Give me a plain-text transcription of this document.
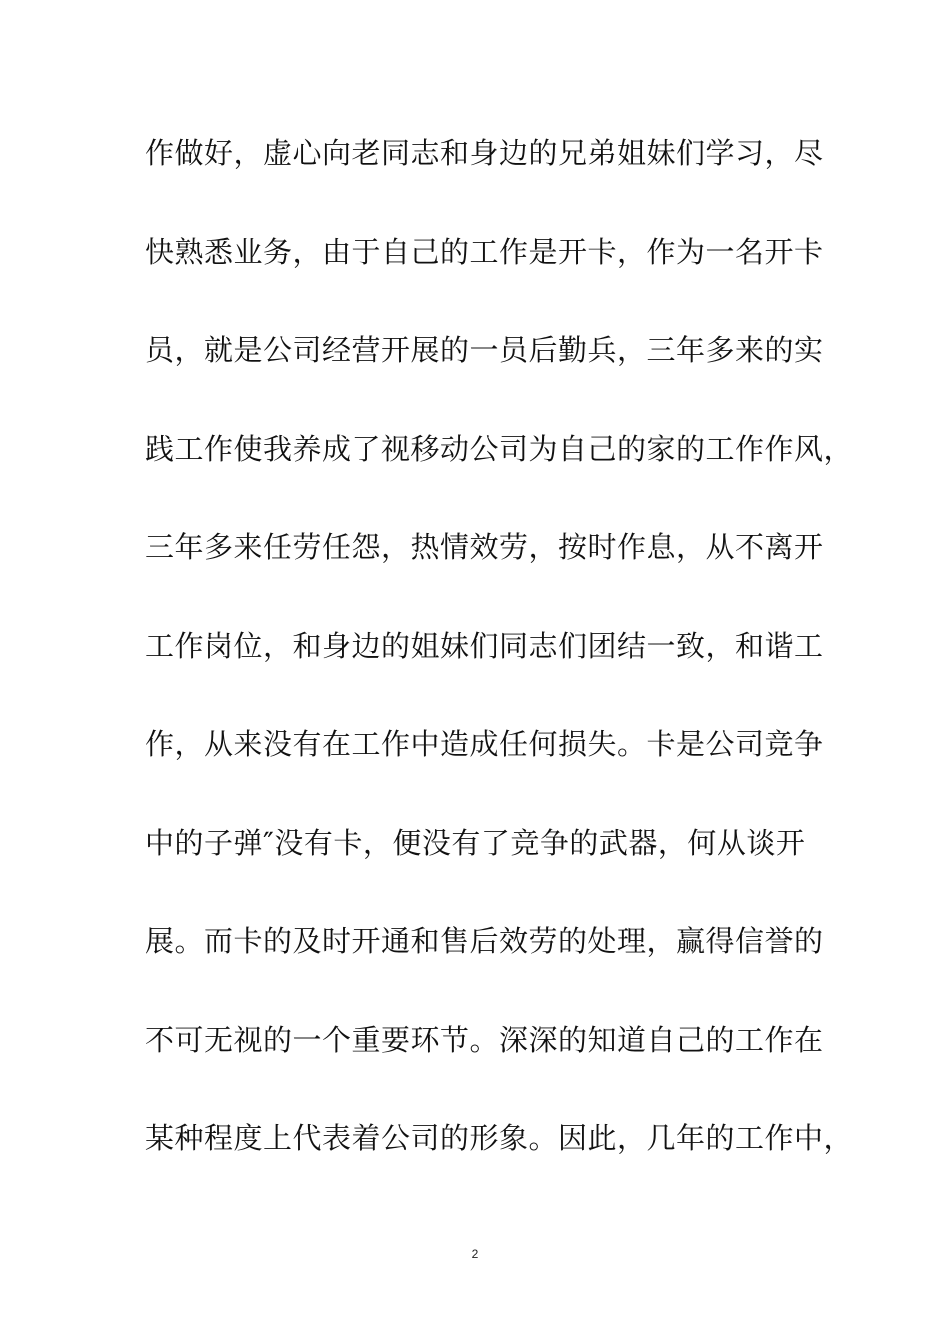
作做好，虚心向老同志和身边的兄弟姐妹们学习，尽

快熟悉业务，由于自己的工作是开卡，作为一名开卡

员，就是公司经营开展的一员后勤兵，三年多来的实

践工作使我养成了视移动公司为自己的家的工作作风，

三年多来任劳任怨，热情效劳，按时作息，从不离开

工作岗位，和身边的姐妹们同志们团结一致，和谐工

作，从来没有在工作中造成任何损失。卡是公司竞争

中的子弹″没有卡，便没有了竞争的武器，何从谈开

展。而卡的及时开通和售后效劳的处理，赢得信誉的

不可无视的一个重要环节。深深的知道自己的工作在

某种程度上代表着公司的形象。因此，几年的工作中，

2
